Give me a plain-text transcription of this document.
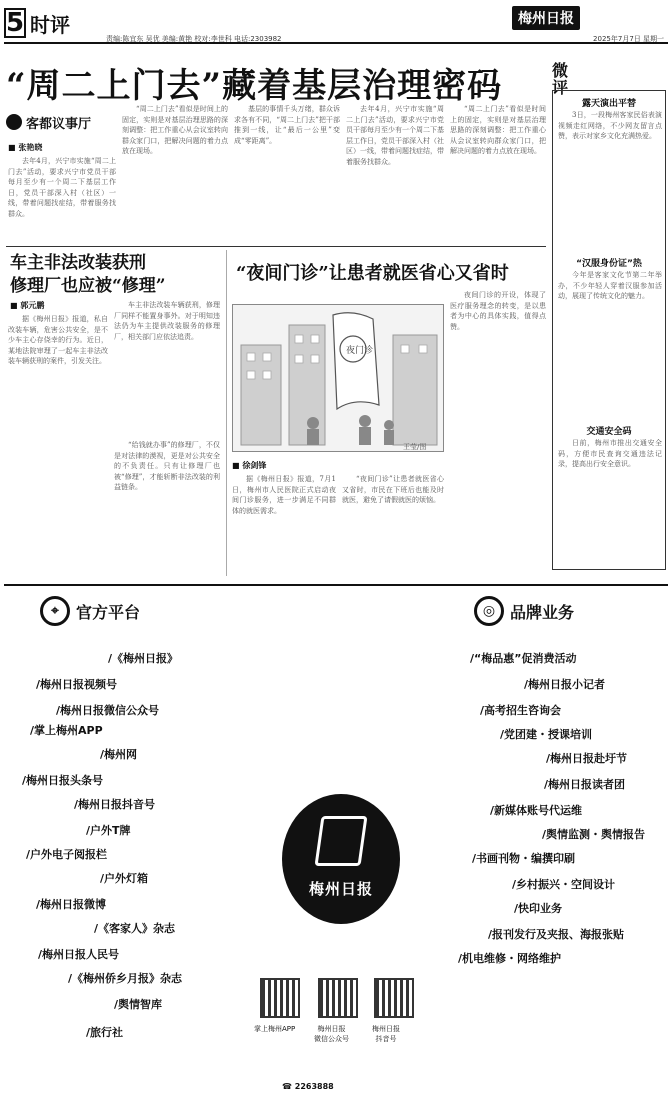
5 时评
责编:陈宜东 吴优 美编:黄艳 校对:李世科 电话:2303982
梅州日报
2025年7月7日 星期一
“周二上门去”藏着基层治理密码
客都议事厅
■ 张艳晓
去年4月，兴宁市实施“周二上门去”活动，要求兴宁市党员干部每月至少有一个周二下基层工作日，党员干部深入村（社区）一线，带着问题找症结，带着服务找群众。
“周二上门去”看似是时间上的固定，实则是对基层治理思路的深刻调整：把工作重心从会议室转向群众家门口，把解决问题的着力点放在现场。
基层的事情千头万绪，群众诉求各有不同，“周二上门去”把干部推到一线，让“最后一公里”变成“零距离”。
去年4月，兴宁市实施“周二上门去”活动，要求兴宁市党员干部每月至少有一个周二下基层工作日，党员干部深入村（社区）一线，带着问题找症结，带着服务找群众。
“周二上门去”看似是时间上的固定，实则是对基层治理思路的深刻调整：把工作重心从会议室转向群众家门口，把解决问题的着力点放在现场。
车主非法改装获刑
修理厂也应被“修理”
■ 郭元鹏
据《梅州日报》报道，私自改装车辆，危害公共安全，是不少车主心存侥幸的行为。近日，某地法院审理了一起车主非法改装车辆获刑的案件，引发关注。
车主非法改装车辆获刑，修理厂同样不能置身事外。对于明知违法仍为车主提供改装服务的修理厂，相关部门应依法追责。
“给钱就办事”的修理厂，不仅是对法律的漠视，更是对公共安全的不负责任。只有让修理厂也被“修理”，才能斩断非法改装的利益链条。
“夜间门诊”让患者就医省心又省时
夜门诊
王莹/图
■ 徐剑锋
据《梅州日报》报道，7月1日，梅州市人民医院正式启动夜间门诊服务，进一步满足不同群体的就医需求。
“夜间门诊”让患者就医省心又省时，市民在下班后也能及时就医，避免了请假就医的烦恼。
夜间门诊的开设，体现了医疗服务理念的转变，是以患者为中心的具体实践，值得点赞。
微评
露天演出平替
3日，一段梅州客家民俗表演视频走红网络，不少网友留言点赞，表示对家乡文化充满热爱。
“汉服身份证”热
今年是客家文化节第二年举办，不少年轻人穿着汉服参加活动，展现了传统文化的魅力。
交通安全码
日前，梅州市推出交通安全码，方便市民查询交通违法记录，提高出行安全意识。
⌖	官方平台	◎ 品牌业务
/《梅州日报》
/梅州日报视频号
/梅州日报微信公众号
/掌上梅州APP
/梅州网
/梅州日报头条号
/梅州日报抖音号
/户外T牌
/户外电子阅报栏
/户外灯箱
/梅州日报微博
/《客家人》杂志
/梅州日报人民号
/《梅州侨乡月报》杂志
/舆情智库
/旅行社
/“梅品惠”促消费活动
/梅州日报小记者
/高考招生咨询会
/党团建・授课培训
/梅州日报赴圩节
/梅州日报读者团
/新媒体账号代运维
/舆情监测・舆情报告
/书画刊物・编撰印刷
/乡村振兴・空间设计
/快印业务
/报刊发行及夹报、海报张贴
/机电维修・网络维护
梅州日报
掌上梅州APP	梅州日报
微信公众号
梅州日报
抖音号
☎ 2263888
